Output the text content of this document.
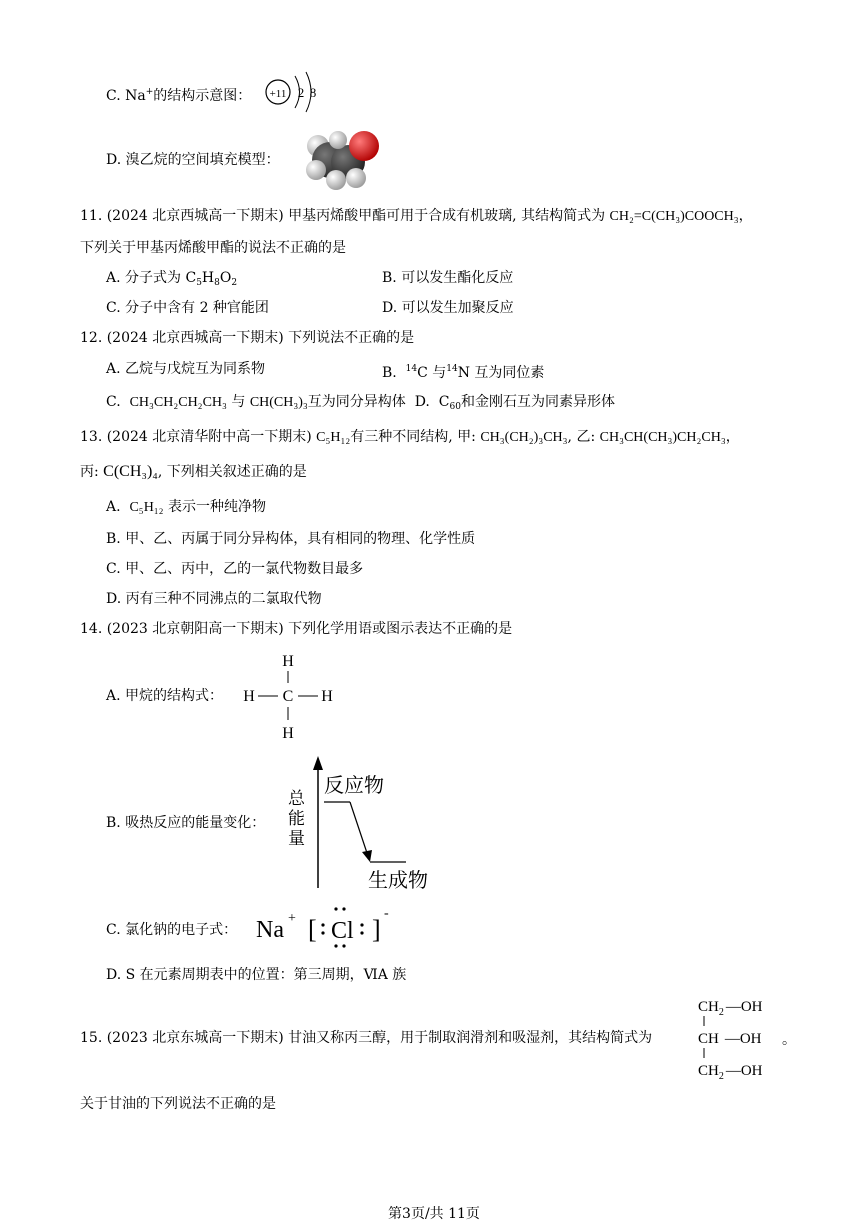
C. Na+的结构示意图： +11 2 8
D. 溴乙烷的空间填充模型：
11. (2024 北京西城高一下期末) 甲基丙烯酸甲酯可用于合成有机玻璃, 其结构简式为 CH₂=C(CH₃)COOCH₃，
下列关于甲基丙烯酸甲酯的说法不正确的是
A. 分子式为 $C_5H_8O_2$	B. 可以发生酯化反应
C. 分子中含有 2 种官能团	D. 可以发生加聚反应
12. (2024 北京西城高一下期末) 下列说法不正确的是
A. 乙烷与戊烷互为同系物	B. $^{14}$C 与$^{14}$N 互为同位素
C. CH₃CH₂CH₂CH₃ 与 CH(CH₃)₃互为同分异构体 D. $C_{60}$和金刚石互为同素异形体
13. (2024 北京清华附中高一下期末) C₅H₁₂有三种不同结构, 甲: CH₃(CH₂)₃CH₃, 乙: CH₃CH(CH₃)CH₂CH₃，
丙: C(CH₃)₄, 下列相关叙述正确的是
A. C₅H₁₂ 表示一种纯净物
B. 甲、乙、丙属于同分异构体，具有相同的物理、化学性质
C. 甲、乙、丙中，乙的一氯代物数目最多
D. 丙有三种不同沸点的二氯取代物
14. (2023 北京朝阳高一下期末) 下列化学用语或图示表达不正确的是
A. 甲烷的结构式：
H
H C H
H
B. 吸热反应的能量变化：
总能量
反应物
生成物
C. 氯化钠的电子式： Na + [ Cl ]
-
D. S 在元素周期表中的位置：第三周期，ⅥA 族
15. (2023 北京东城高一下期末) 甘油又称丙三醇，用于制取润滑剂和吸湿剂，其结构简式为
$CH_2$ —OH
CH —OH
$CH_2$ —OH
。
关于甘油的下列说法不正确的是
第3页/共 11页
